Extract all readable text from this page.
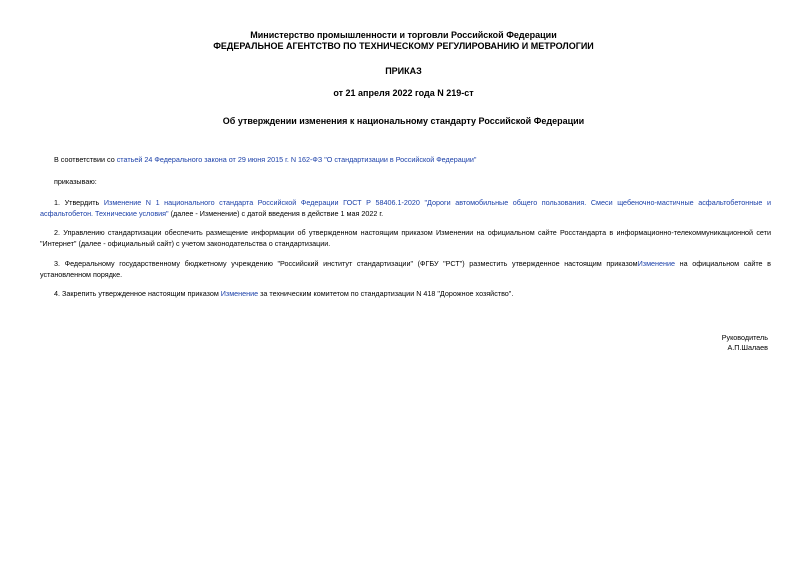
Министерство промышленности и торговли Российской Федерации
ФЕДЕРАЛЬНОЕ АГЕНТСТВО ПО ТЕХНИЧЕСКОМУ РЕГУЛИРОВАНИЮ И МЕТРОЛОГИИ
ПРИКАЗ
от 21 апреля 2022 года N 219-ст
Об утверждении изменения к национальному стандарту Российской Федерации
В соответствии со статьей 24 Федерального закона от 29 июня 2015 г. N 162-ФЗ "О стандартизации в Российской Федерации"
приказываю:
1. Утвердить Изменение N 1 национального стандарта Российской Федерации ГОСТ Р 58406.1-2020 "Дороги автомобильные общего пользования. Смеси щебеночно-мастичные асфальтобетонные и асфальтобетон. Технические условия" (далее - Изменение) с датой введения в действие 1 мая 2022 г.
2. Управлению стандартизации обеспечить размещение информации об утвержденном настоящим приказом Изменении на официальном сайте Росстандарта в информационно-телекоммуникационной сети "Интернет" (далее - официальный сайт) с учетом законодательства о стандартизации.
3. Федеральному государственному бюджетному учреждению "Российский институт стандартизации" (ФГБУ "РСТ") разместить утвержденное настоящим приказомИзменение на официальном сайте в установленном порядке.
4. Закрепить утвержденное настоящим приказом Изменение за техническим комитетом по стандартизации N 418 "Дорожное хозяйство".
Руководитель
А.П.Шалаев
